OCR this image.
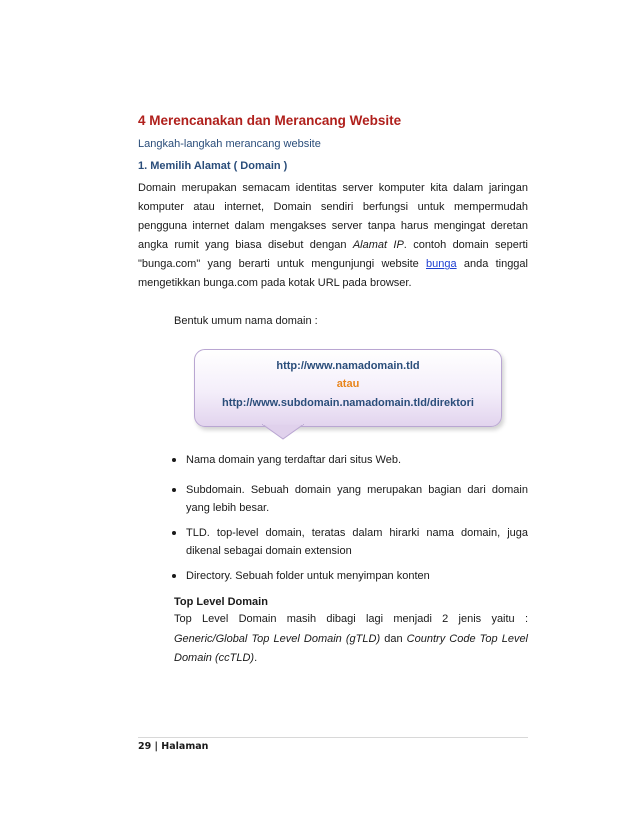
4 Merencanakan dan Merancang Website
Langkah-langkah merancang website
1. Memilih Alamat ( Domain )

Domain merupakan semacam identitas server komputer kita dalam jaringan komputer atau internet, Domain sendiri berfungsi untuk mempermudah pengguna internet dalam mengakses server tanpa harus mengingat deretan angka rumit yang biasa disebut dengan Alamat IP. contoh domain seperti "bunga.com" yang berarti untuk mengunjungi website bunga anda tinggal mengetikkan bunga.com pada kotak URL pada browser.

Bentuk umum nama domain :
http://www.namadomain.tld
atau
http://www.subdomain.namadomain.tld/direktori
Nama domain yang terdaftar dari situs Web.
Subdomain. Sebuah domain yang merupakan bagian dari domain yang lebih besar.
TLD. top-level domain, teratas dalam hirarki nama domain, juga dikenal sebagai domain extension
Directory. Sebuah folder untuk menyimpan konten
Top Level Domain

Top Level Domain masih dibagi lagi menjadi 2 jenis yaitu : Generic/Global Top Level Domain (gTLD) dan Country Code Top Level Domain (ccTLD).

29 | Halaman
